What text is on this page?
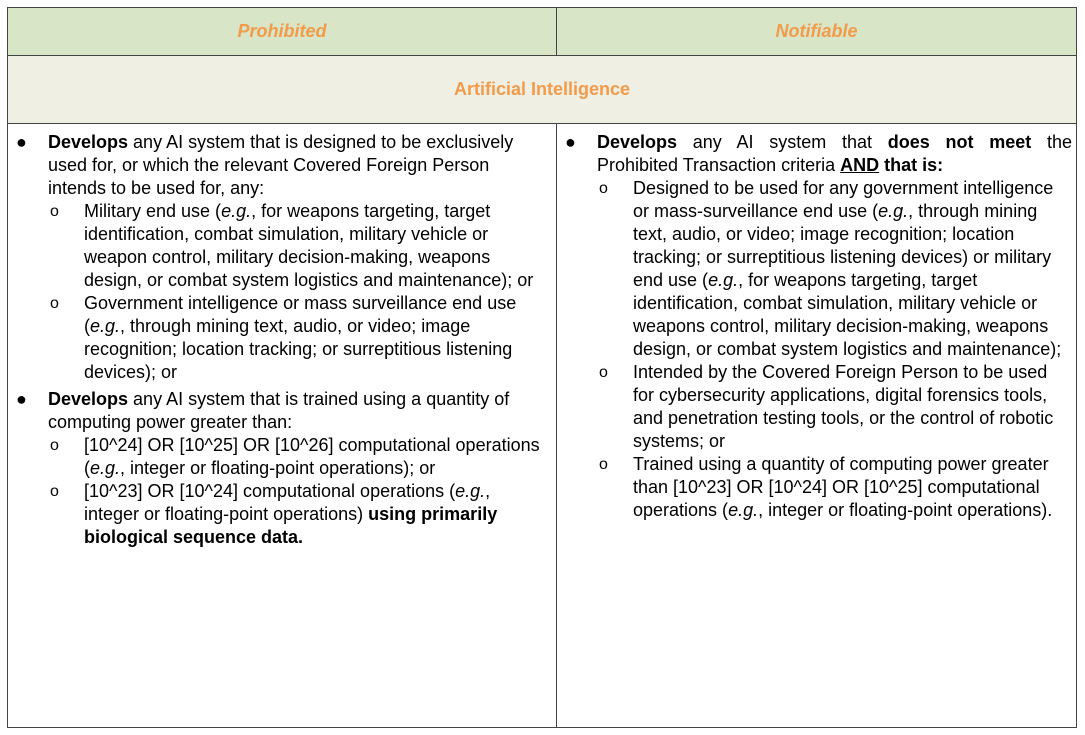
Prohibited	Notifiable
Artificial Intelligence
● Develops any AI system that is designed to be exclusively used for, or which the relevant Covered Foreign Person intends to be used for, any:
o Military end use (e.g., for weapons targeting, target identification, combat simulation, military vehicle or weapon control, military decision-making, weapons design, or combat system logistics and maintenance); or
o Government intelligence or mass surveillance end use (e.g., through mining text, audio, or video; image recognition; location tracking; or surreptitious listening devices); or
● Develops any AI system that is trained using a quantity of computing power greater than:
o [10^24] OR [10^25] OR [10^26] computational operations (e.g., integer or floating-point operations); or
o [10^23] OR [10^24] computational operations (e.g., integer or floating-point operations) using primarily biological sequence data.
● Develops any AI system that does not meet the Prohibited Transaction criteria AND that is:
o Designed to be used for any government intelligence or mass-surveillance end use (e.g., through mining text, audio, or video; image recognition; location tracking; or surreptitious listening devices) or military end use (e.g., for weapons targeting, target identification, combat simulation, military vehicle or weapons control, military decision-making, weapons design, or combat system logistics and maintenance);
o Intended by the Covered Foreign Person to be used for cybersecurity applications, digital forensics tools, and penetration testing tools, or the control of robotic systems; or
o Trained using a quantity of computing power greater than [10^23] OR [10^24] OR [10^25] computational operations (e.g., integer or floating-point operations).
